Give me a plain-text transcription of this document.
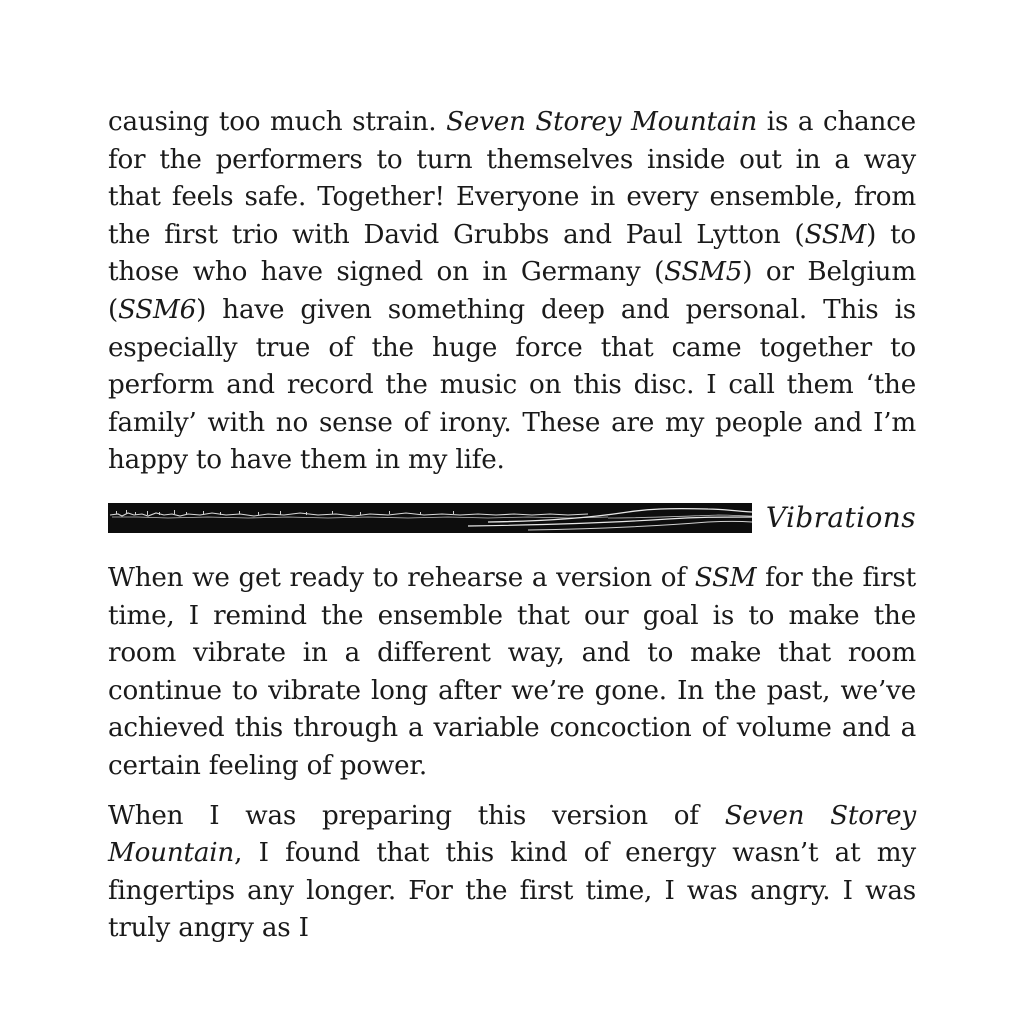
causing too much strain. Seven Storey Mountain is a chance for the performers to turn themselves inside out in a way that feels safe. Together! Everyone in every ensemble, from the first trio with David Grubbs and Paul Lytton (SSM) to those who have signed on in Germany (SSM5) or Belgium (SSM6) have given something deep and personal. This is especially true of the huge force that came together to perform and record the music on this disc. I call them ‘the family’ with no sense of irony. These are my people and I’m happy to have them in my life.

Vibrations

When we get ready to rehearse a version of SSM for the first time, I remind the ensemble that our goal is to make the room vibrate in a different way, and to make that room continue to vibrate long after we’re gone. In the past, we’ve achieved this through a variable concoction of volume and a certain feeling of power.

When I was preparing this version of Seven Storey Mountain, I found that this kind of energy wasn’t at my fingertips any longer. For the first time, I was angry. I was truly angry as I
